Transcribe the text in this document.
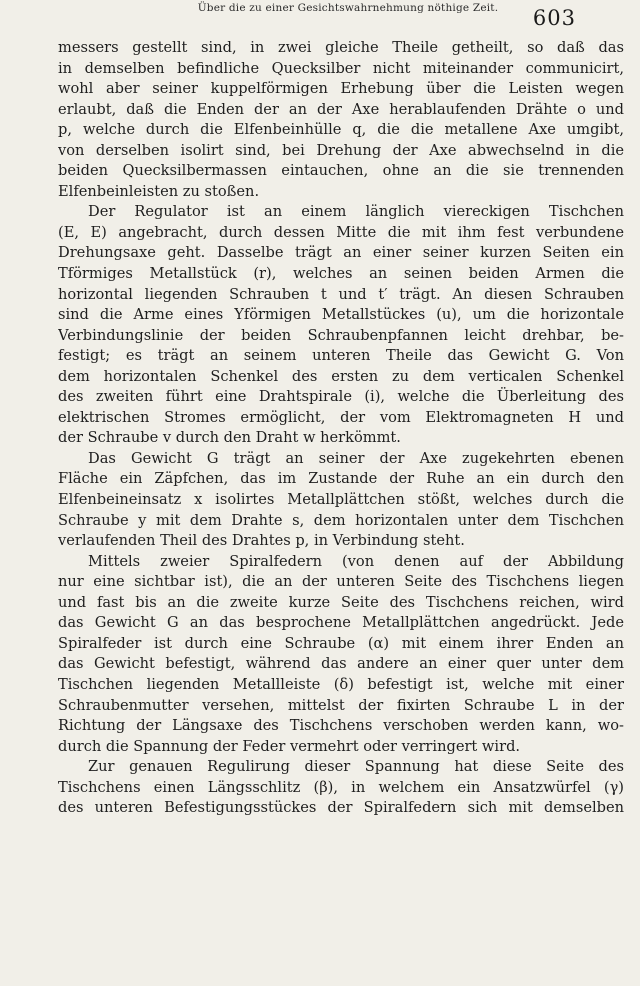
Über die zu einer Gesichtswahrnehmung nöthige Zeit.	603
messers gestellt sind, in zwei gleiche Theile getheilt, so daß das
in demselben befindliche Quecksilber nicht miteinander communicirt,
wohl aber seiner kuppelförmigen Erhebung über die Leisten wegen
erlaubt, daß die Enden der an der Axe herablaufenden Drähte o und
p, welche durch die Elfenbeinhülle q, die die metallene Axe umgibt,
von derselben isolirt sind, bei Drehung der Axe abwechselnd in die
beiden Quecksilbermassen eintauchen, ohne an die sie trennenden
Elfenbeinleisten zu stoßen.
Der Regulator ist an einem länglich viereckigen Tischchen
(E, E) angebracht, durch dessen Mitte die mit ihm fest verbundene
Drehungsaxe geht. Dasselbe trägt an einer seiner kurzen Seiten ein
Tförmiges Metallstück (r), welches an seinen beiden Armen die
horizontal liegenden Schrauben t und t′ trägt. An diesen Schrauben
sind die Arme eines Yförmigen Metallstückes (u), um die horizontale
Verbindungslinie der beiden Schraubenpfannen leicht drehbar, be-
festigt; es trägt an seinem unteren Theile das Gewicht G. Von
dem horizontalen Schenkel des ersten zu dem verticalen Schenkel
des zweiten führt eine Drahtspirale (i), welche die Überleitung des
elektrischen Stromes ermöglicht, der vom Elektromagneten H und
der Schraube v durch den Draht w herkömmt.
Das Gewicht G trägt an seiner der Axe zugekehrten ebenen
Fläche ein Zäpfchen, das im Zustande der Ruhe an ein durch den
Elfenbeineinsatz x isolirtes Metallplättchen stößt, welches durch die
Schraube y mit dem Drahte s, dem horizontalen unter dem Tischchen
verlaufenden Theil des Drahtes p, in Verbindung steht.
Mittels zweier Spiralfedern (von denen auf der Abbildung
nur eine sichtbar ist), die an der unteren Seite des Tischchens liegen
und fast bis an die zweite kurze Seite des Tischchens reichen, wird
das Gewicht G an das besprochene Metallplättchen angedrückt. Jede
Spiralfeder ist durch eine Schraube (α) mit einem ihrer Enden an
das Gewicht befestigt, während das andere an einer quer unter dem
Tischchen liegenden Metallleiste (δ) befestigt ist, welche mit einer
Schraubenmutter versehen, mittelst der fixirten Schraube L in der
Richtung der Längsaxe des Tischchens verschoben werden kann, wo-
durch die Spannung der Feder vermehrt oder verringert wird.
Zur genauen Regulirung dieser Spannung hat diese Seite des
Tischchens einen Längsschlitz (β), in welchem ein Ansatzwürfel (γ)
des unteren Befestigungsstückes der Spiralfedern sich mit demselben
